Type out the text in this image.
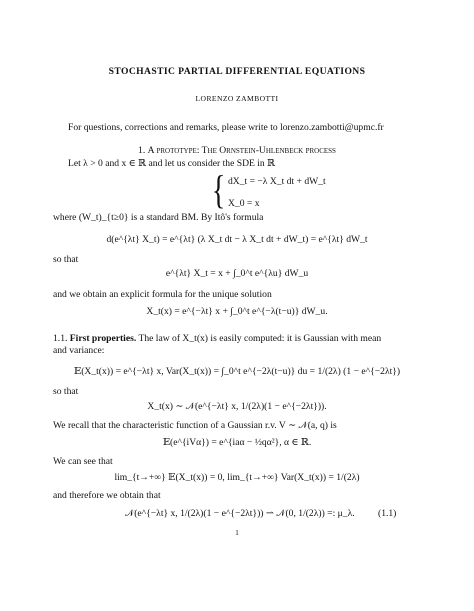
STOCHASTIC PARTIAL DIFFERENTIAL EQUATIONS
LORENZO ZAMBOTTI
For questions, corrections and remarks, please write to lorenzo.zambotti@upmc.fr
1. A prototype: The Ornstein-Uhlenbeck process
Let λ > 0 and x ∈ ℝ and let us consider the SDE in ℝ
{ dX_t = −λ X_t dt + dW_t
X_0 = x
where (W_t)_{t≥0} is a standard BM. By Itô's formula
d(e^{λt} X_t) = e^{λt} (λ X_t dt − λ X_t dt + dW_t) = e^{λt} dW_t
so that
e^{λt} X_t = x + ∫_0^t e^{λu} dW_u
and we obtain an explicit formula for the unique solution
X_t(x) = e^{−λt} x + ∫_0^t e^{−λ(t−u)} dW_u.
1.1. First properties. The law of X_t(x) is easily computed: it is Gaussian with mean
and variance:
𝔼(X_t(x)) = e^{−λt} x, Var(X_t(x)) = ∫_0^t e^{−2λ(t−u)} du = 1/(2λ) (1 − e^{−2λt})
so that
X_t(x) ∼ 𝒩(e^{−λt} x, 1/(2λ)(1 − e^{−2λt})).
We recall that the characteristic function of a Gaussian r.v. V ∼ 𝒩(a, q) is
𝔼(e^{iVα}) = e^{iaα − ½qα²}, α ∈ ℝ.
We can see that
lim_{t→+∞} 𝔼(X_t(x)) = 0, lim_{t→+∞} Var(X_t(x)) = 1/(2λ)
and therefore we obtain that
𝒩(e^{−λt} x, 1/(2λ)(1 − e^{−2λt})) ⇀ 𝒩(0, 1/(2λ)) =: μ_λ. (1.1)
1
